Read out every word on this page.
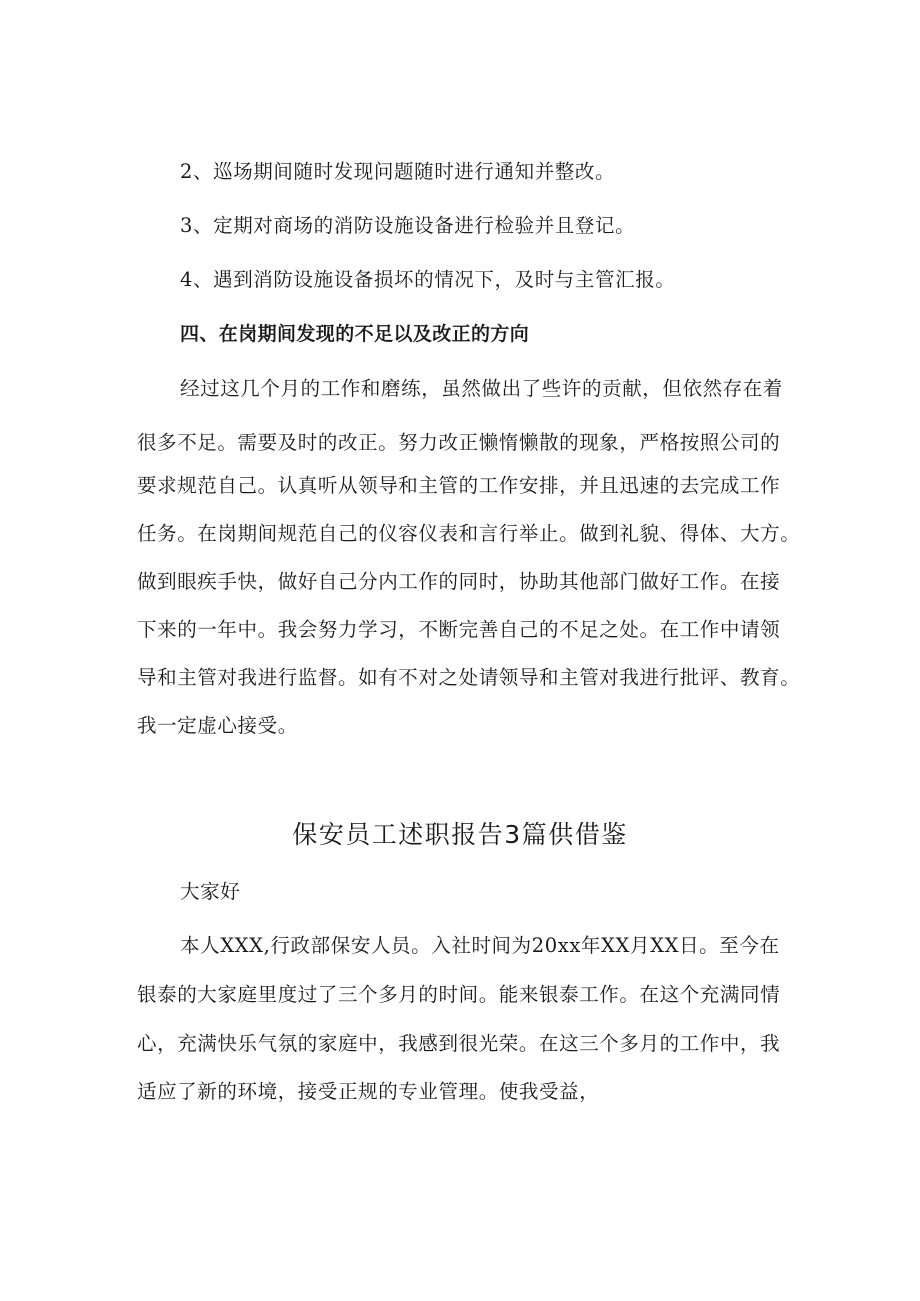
2、巡场期间随时发现问题随时进行通知并整改。
3、定期对商场的消防设施设备进行检验并且登记。
4、遇到消防设施设备损坏的情况下，及时与主管汇报。
四、在岗期间发现的不足以及改正的方向
经过这几个月的工作和磨练，虽然做出了些许的贡献，但依然存在着
很多不足。需要及时的改正。努力改正懒惰懒散的现象，严格按照公司的
要求规范自己。认真听从领导和主管的工作安排，并且迅速的去完成工作
任务。在岗期间规范自己的仪容仪表和言行举止。做到礼貌、得体、大方。
做到眼疾手快，做好自己分内工作的同时，协助其他部门做好工作。在接
下来的一年中。我会努力学习，不断完善自己的不足之处。在工作中请领
导和主管对我进行监督。如有不对之处请领导和主管对我进行批评、教育。
我一定虚心接受。
保安员工述职报告3篇供借鉴
大家好
本人XXX,行政部保安人员。入社时间为20xx年XX月XX日。至今在
银泰的大家庭里度过了三个多月的时间。能来银泰工作。在这个充满同情
心，充满快乐气氛的家庭中，我感到很光荣。在这三个多月的工作中，我
适应了新的环境，接受正规的专业管理。使我受益，
